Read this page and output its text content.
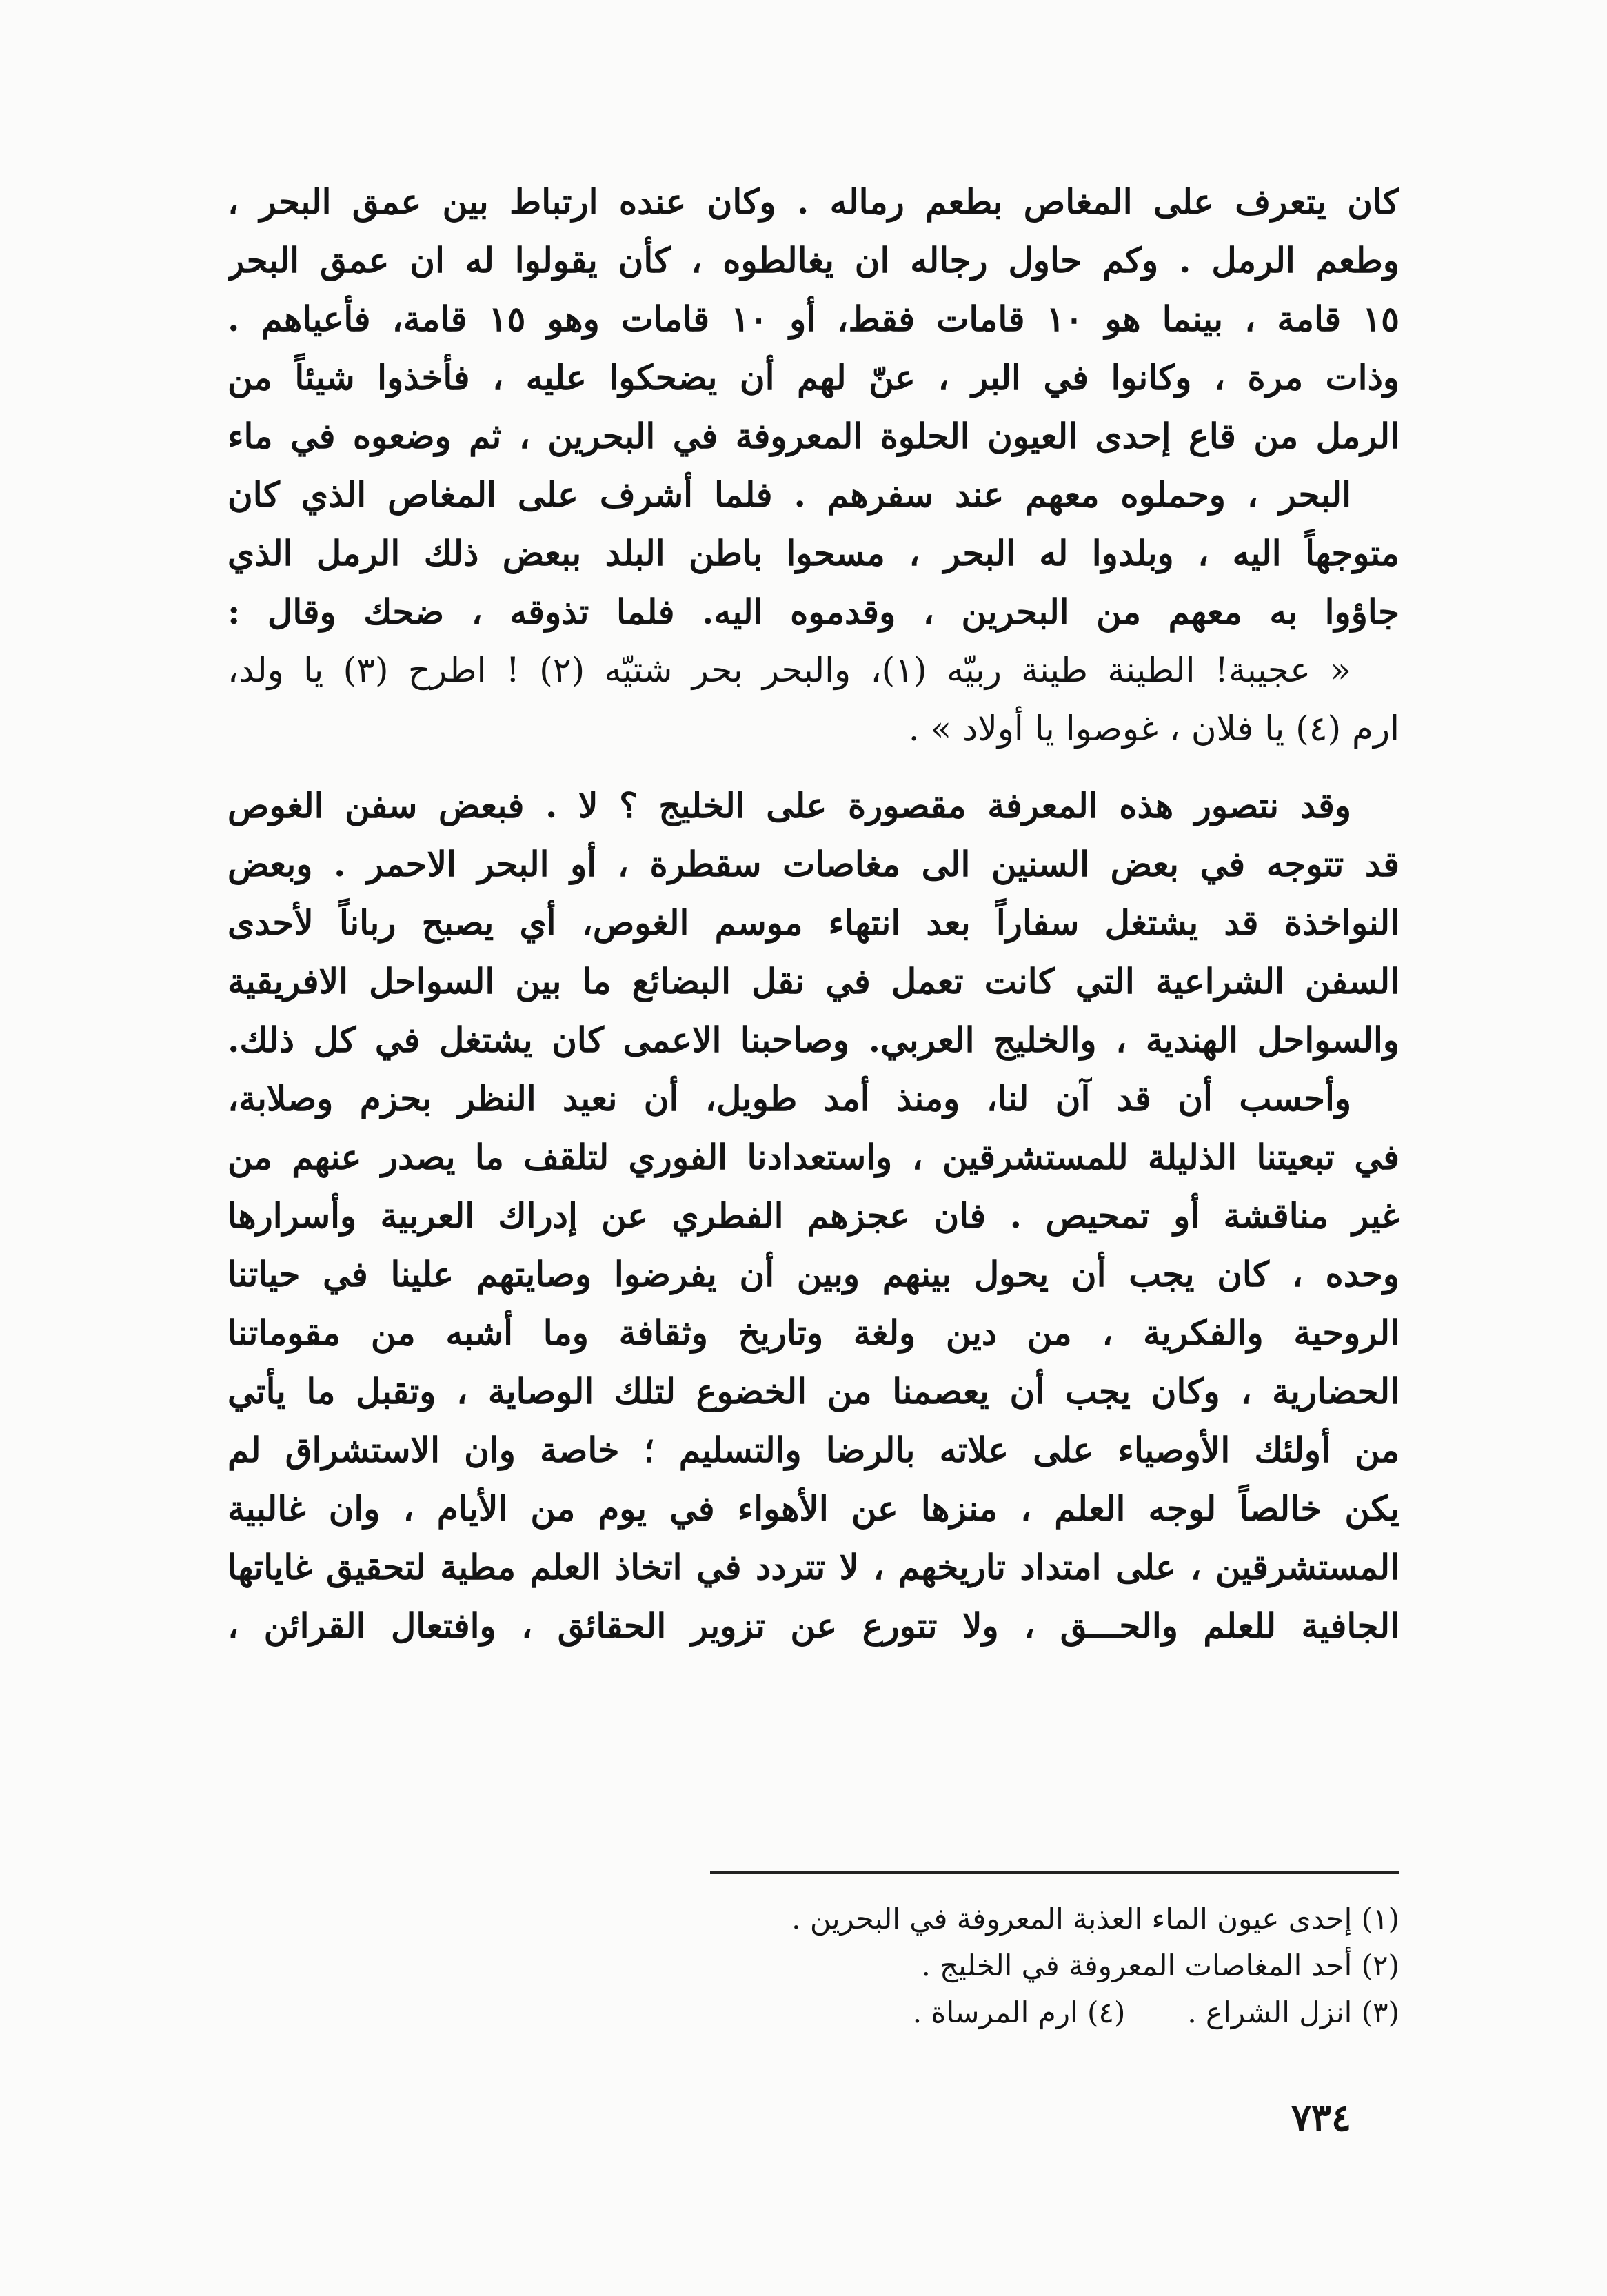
كان يتعرف على المغاص بطعم رماله . وكان عنده ارتباط بين عمق البحر ،
وطعم الرمل . وكم حاول رجاله ان يغالطوه ، كأن يقولوا له ان عمق البحر
١٥ قامة ، بينما هو ١٠ قامات فقط، أو ١٠ قامات وهو ١٥ قامة، فأعياهم .
وذات مرة ، وكانوا في البر ، عنّ لهم أن يضحكوا عليه ، فأخذوا شيئاً من
الرمل من قاع إحدى العيون الحلوة المعروفة في البحرين ، ثم وضعوه في ماء
البحر ، وحملوه معهم عند سفرهم . فلما أشرف على المغاص الذي كان
متوجهاً اليه ، وبلدوا له البحر ، مسحوا باطن البلد ببعض ذلك الرمل الذي
جاؤوا به معهم من البحرين ، وقدموه اليه. فلما تذوقه ، ضحك وقال :
« عجيبة! الطينة طينة ربيّه (١)، والبحر بحر شتيّه (٢) ! اطرح (٣) يا ولد،
ارم (٤) يا فلان ، غوصوا يا أولاد » .
وقد نتصور هذه المعرفة مقصورة على الخليج ؟ لا . فبعض سفن الغوص
قد تتوجه في بعض السنين الى مغاصات سقطرة ، أو البحر الاحمر . وبعض
النواخذة قد يشتغل سفاراً بعد انتهاء موسم الغوص، أي يصبح رباناً لأحدى
السفن الشراعية التي كانت تعمل في نقل البضائع ما بين السواحل الافريقية
والسواحل الهندية ، والخليج العربي. وصاحبنا الاعمى كان يشتغل في كل ذلك.
وأحسب أن قد آن لنا، ومنذ أمد طويل، أن نعيد النظر بحزم وصلابة،
في تبعيتنا الذليلة للمستشرقين ، واستعدادنا الفوري لتلقف ما يصدر عنهم من
غير مناقشة أو تمحيص . فان عجزهم الفطري عن إدراك العربية وأسرارها
وحده ، كان يجب أن يحول بينهم وبين أن يفرضوا وصايتهم علينا في حياتنا
الروحية والفكرية ، من دين ولغة وتاريخ وثقافة وما أشبه من مقوماتنا
الحضارية ، وكان يجب أن يعصمنا من الخضوع لتلك الوصاية ، وتقبل ما يأتي
من أولئك الأوصياء على علاته بالرضا والتسليم ؛ خاصة وان الاستشراق لم
يكن خالصاً لوجه العلم ، منزها عن الأهواء في يوم من الأيام ، وان غالبية
المستشرقين ، على امتداد تاريخهم ، لا تتردد في اتخاذ العلم مطية لتحقيق غاياتها
الجافية للعلم والحـــق ، ولا تتورع عن تزوير الحقائق ، وافتعال القرائن ،
(١) إحدى عيون الماء العذبة المعروفة في البحرين .
(٢) أحد المغاصات المعروفة في الخليج .
(٣) انزل الشراع .
(٤) ارم المرساة .
٧٣٤
